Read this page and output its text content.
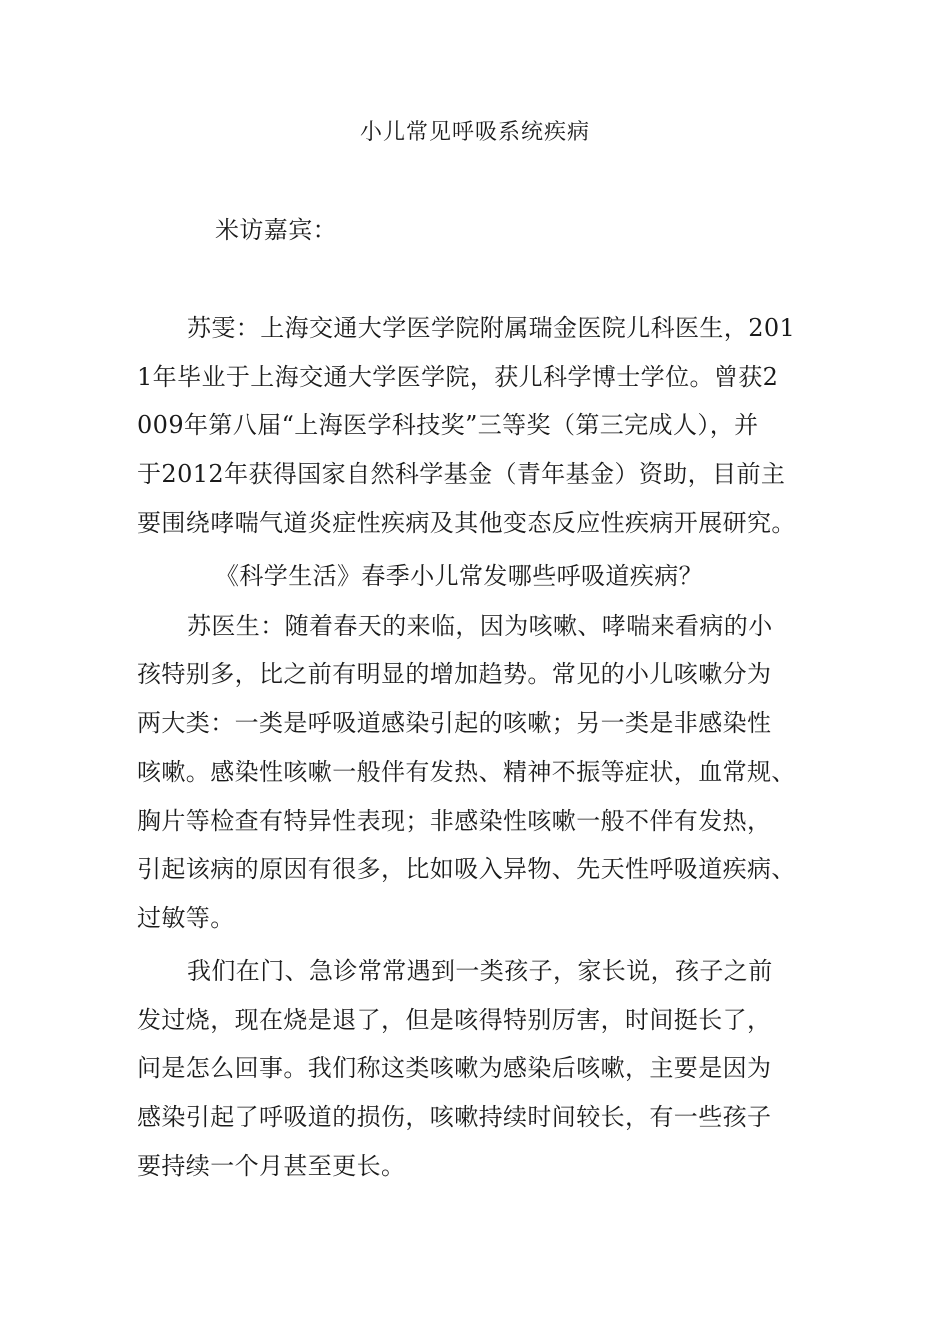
小儿常见呼吸系统疾病
米访嘉宾：
苏雯：上海交通大学医学院附属瑞金医院儿科医生，201
1年毕业于上海交通大学医学院，获儿科学博士学位。曾获2
009年第八届“上海医学科技奖”三等奖（第三完成人），并
于2012年获得国家自然科学基金（青年基金）资助，目前主
要围绕哮喘气道炎症性疾病及其他变态反应性疾病开展研究。
《科学生活》春季小儿常发哪些呼吸道疾病？
苏医生：随着春天的来临，因为咳嗽、哮喘来看病的小
孩特别多，比之前有明显的增加趋势。常见的小儿咳嗽分为
两大类：一类是呼吸道感染引起的咳嗽；另一类是非感染性
咳嗽。感染性咳嗽一般伴有发热、精神不振等症状，血常规、
胸片等检查有特异性表现；非感染性咳嗽一般不伴有发热，
引起该病的原因有很多，比如吸入异物、先天性呼吸道疾病、
过敏等。
我们在门、急诊常常遇到一类孩子，家长说，孩子之前
发过烧，现在烧是退了，但是咳得特别厉害，时间挺长了，
问是怎么回事。我们称这类咳嗽为感染后咳嗽，主要是因为
感染引起了呼吸道的损伤，咳嗽持续时间较长，有一些孩子
要持续一个月甚至更长。
